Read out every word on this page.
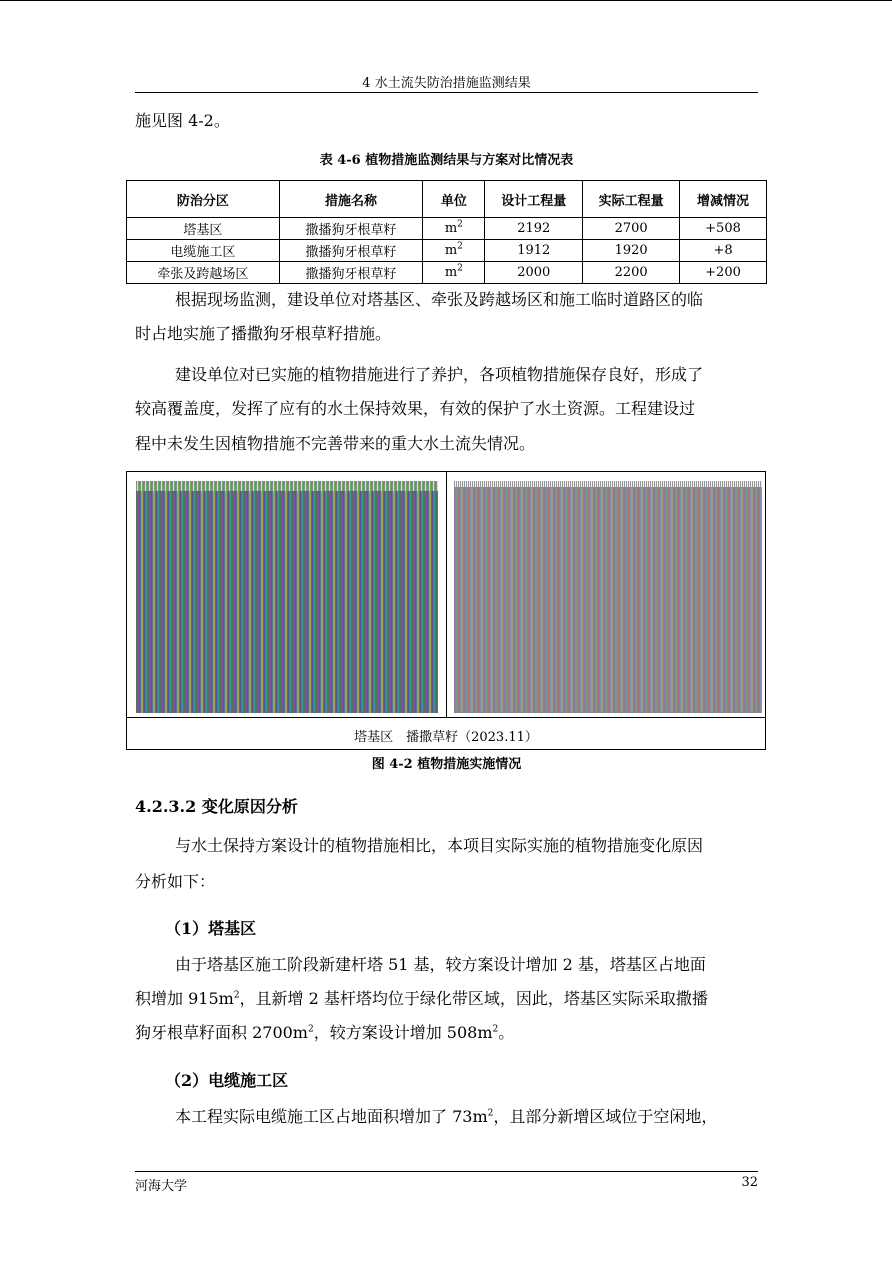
4 水土流失防治措施监测结果
施见图 4-2。
表 4-6 植物措施监测结果与方案对比情况表
防治分区	措施名称	单位	设计工程量	实际工程量	增减情况
塔基区	撒播狗牙根草籽	$m^2$	2192	2700	+508
电缆施工区	撒播狗牙根草籽	$m^2$	1912	1920	+8
牵张及跨越场区	撒播狗牙根草籽	$m^2$	2000	2200	+200
根据现场监测，建设单位对塔基区、牵张及跨越场区和施工临时道路区的临
时占地实施了播撒狗牙根草籽措施。
建设单位对已实施的植物措施进行了养护，各项植物措施保存良好，形成了
较高覆盖度，发挥了应有的水土保持效果，有效的保护了水土资源。工程建设过
程中未发生因植物措施不完善带来的重大水土流失情况。
塔基区　播撒草籽（2023.11）
图 4-2 植物措施实施情况
4.2.3.2 变化原因分析
与水土保持方案设计的植物措施相比，本项目实际实施的植物措施变化原因
分析如下：
（1）塔基区
由于塔基区施工阶段新建杆塔 51 基，较方案设计增加 2 基，塔基区占地面
积增加 $915m^2$，且新增 2 基杆塔均位于绿化带区域，因此，塔基区实际采取撒播
狗牙根草籽面积 $2700m^2$，较方案设计增加 $508m^2$。
（2）电缆施工区
本工程实际电缆施工区占地面积增加了 $73m^2$，且部分新增区域位于空闲地，
河海大学	32
